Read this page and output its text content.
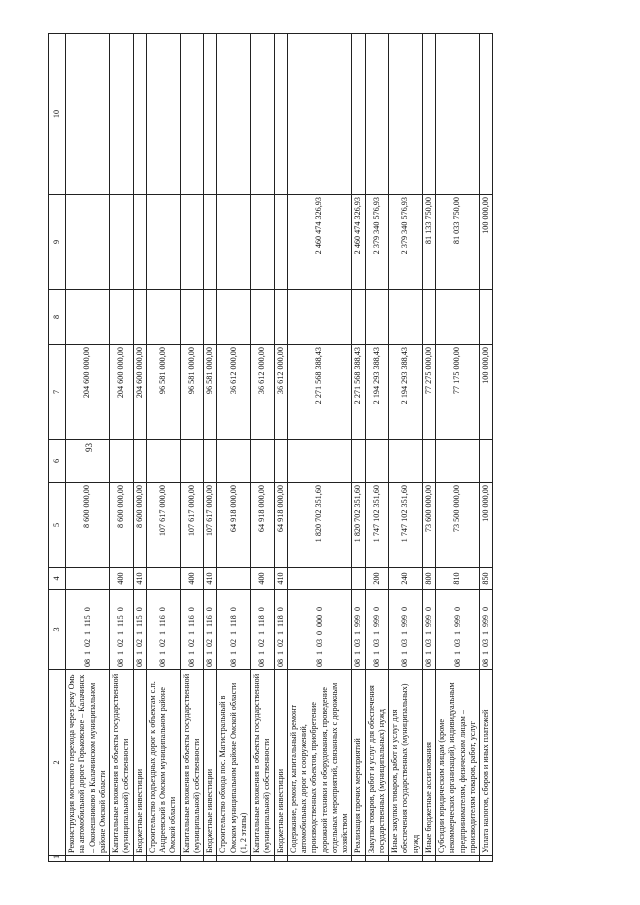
93
1	2	3	4	5	6	7	8	9	10
	Реконструкция мостового перехода через реку Омь на автомобильной дороге Горьковское – Калачинск – Оконешниково в Калачинском муниципальном районе Омской области	08  1  02  1  115  0		8 600 000,00		204 600 000,00			
	Капитальные вложения в объекты государственной (муниципальной) собственности	08  1  02  1  115  0	400	8 600 000,00		204 600 000,00			
	Бюджетные инвестиции	08  1  02  1  115  0	410	8 600 000,00		204 600 000,00			
	Строительство подъездных дорог к объектам с.п. Андреевский в Омском муниципальном районе Омской области	08  1  02  1  116  0		107 617 000,00		96 581 000,00			
	Капитальные вложения в объекты государственной (муниципальной) собственности	08  1  02  1  116  0	400	107 617 000,00		96 581 000,00			
	Бюджетные инвестиции	08  1  02  1  116  0	410	107 617 000,00		96 581 000,00			
	Строительство обхода пос. Магистральный в Омском муниципальном районе Омской области (1, 2 этапы)	08  1  02  1  118  0		64 918 000,00		36 612 000,00			
	Капитальные вложения в объекты государственной (муниципальной) собственности	08  1  02  1  118  0	400	64 918 000,00		36 612 000,00			
	Бюджетные инвестиции	08  1  02  1  118  0	410	64 918 000,00		36 612 000,00			
	Содержание, ремонт, капитальный ремонт автомобильных дорог и сооружений, производственных объектов, приобретение дорожной техники и оборудования, проведение отдельных мероприятий, связанных с дорожным хозяйством	08  1  03  0  000  0		1 820 702 351,60		2 271 568 388,43		2 460 474 326,93	
	Реализация прочих мероприятий	08  1  03  1  999  0		1 820 702 351,60		2 271 568 388,43		2 460 474 326,93	
	Закупка товаров, работ и услуг для обеспечения государственных (муниципальных) нужд	08  1  03  1  999  0	200	1 747 102 351,60		2 194 293 388,43		2 379 340 576,93	
	Иные закупки товаров, работ и услуг для обеспечения государственных (муниципальных) нужд	08  1  03  1  999  0	240	1 747 102 351,60		2 194 293 388,43		2 379 340 576,93	
	Иные бюджетные ассигнования	08  1  03  1  999  0	800	73 600 000,00		77 275 000,00		81 133 750,00	
	Субсидии юридическим лицам (кроме некоммерческих организаций), индивидуальным предпринимателям, физическим лицам – производителям товаров, работ, услуг	08  1  03  1  999  0	810	73 500 000,00		77 175 000,00		81 033 750,00	
	Уплата налогов, сборов и иных платежей	08  1  03  1  999  0	850	100 000,00		100 000,00		100 000,00	
